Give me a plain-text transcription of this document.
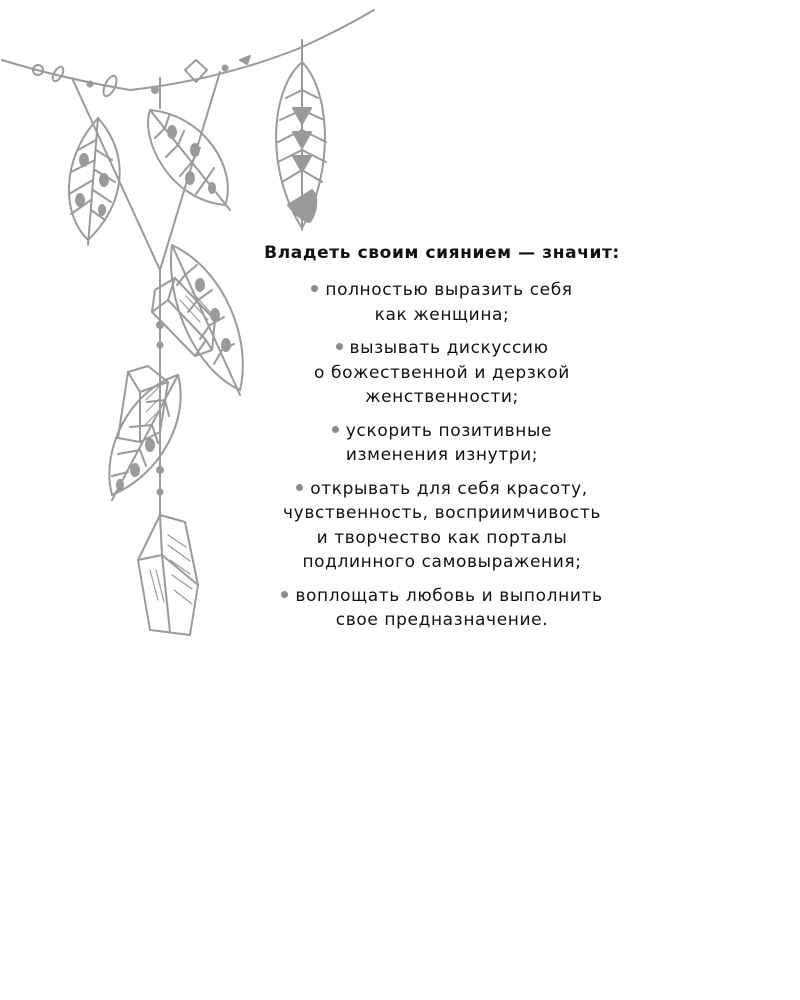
Владеть своим сиянием — значит:
полностью выразить себя
как женщина;
вызывать дискуссию
о божественной и дерзкой
женственности;
ускорить позитивные
изменения изнутри;
открывать для себя красоту,
чувственность, восприимчивость
и творчество как порталы
подлинного самовыражения;
воплощать любовь и выполнить
свое предназначение.
